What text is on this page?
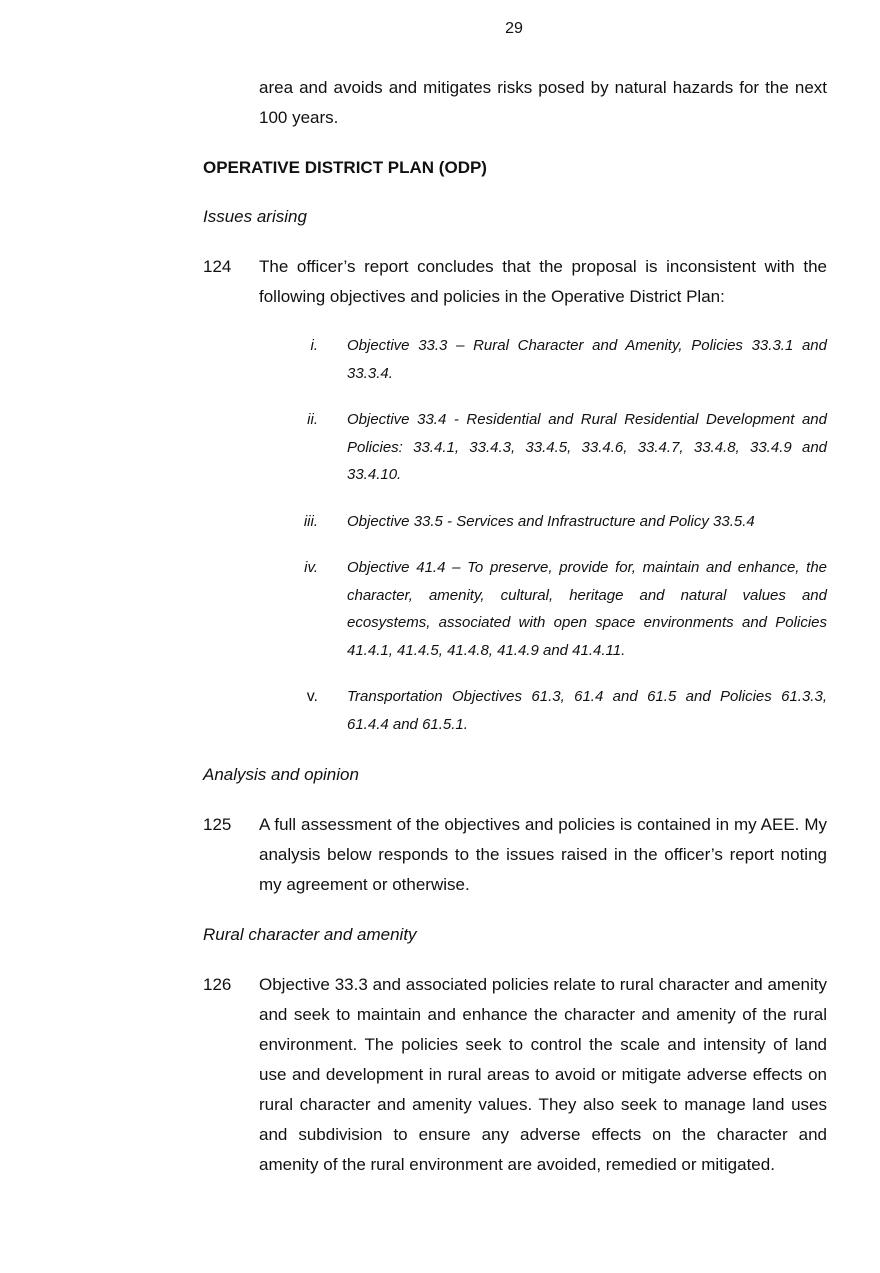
29
area and avoids and mitigates risks posed by natural hazards for the next 100 years.
OPERATIVE DISTRICT PLAN (ODP)
Issues arising
124	The officer’s report concludes that the proposal is inconsistent with the following objectives and policies in the Operative District Plan:
i. Objective 33.3 – Rural Character and Amenity, Policies 33.3.1 and 33.3.4.
ii. Objective 33.4 - Residential and Rural Residential Development and Policies: 33.4.1, 33.4.3, 33.4.5, 33.4.6, 33.4.7, 33.4.8, 33.4.9 and 33.4.10.
iii. Objective 33.5 - Services and Infrastructure and Policy 33.5.4
iv. Objective 41.4 – To preserve, provide for, maintain and enhance, the character, amenity, cultural, heritage and natural values and ecosystems, associated with open space environments and Policies 41.4.1, 41.4.5, 41.4.8, 41.4.9 and 41.4.11.
v. Transportation Objectives 61.3, 61.4 and 61.5 and Policies 61.3.3, 61.4.4 and 61.5.1.
Analysis and opinion
125	A full assessment of the objectives and policies is contained in my AEE. My analysis below responds to the issues raised in the officer’s report noting my agreement or otherwise.
Rural character and amenity
126	Objective 33.3 and associated policies relate to rural character and amenity and seek to maintain and enhance the character and amenity of the rural environment. The policies seek to control the scale and intensity of land use and development in rural areas to avoid or mitigate adverse effects on rural character and amenity values. They also seek to manage land uses and subdivision to ensure any adverse effects on the character and amenity of the rural environment are avoided, remedied or mitigated.
